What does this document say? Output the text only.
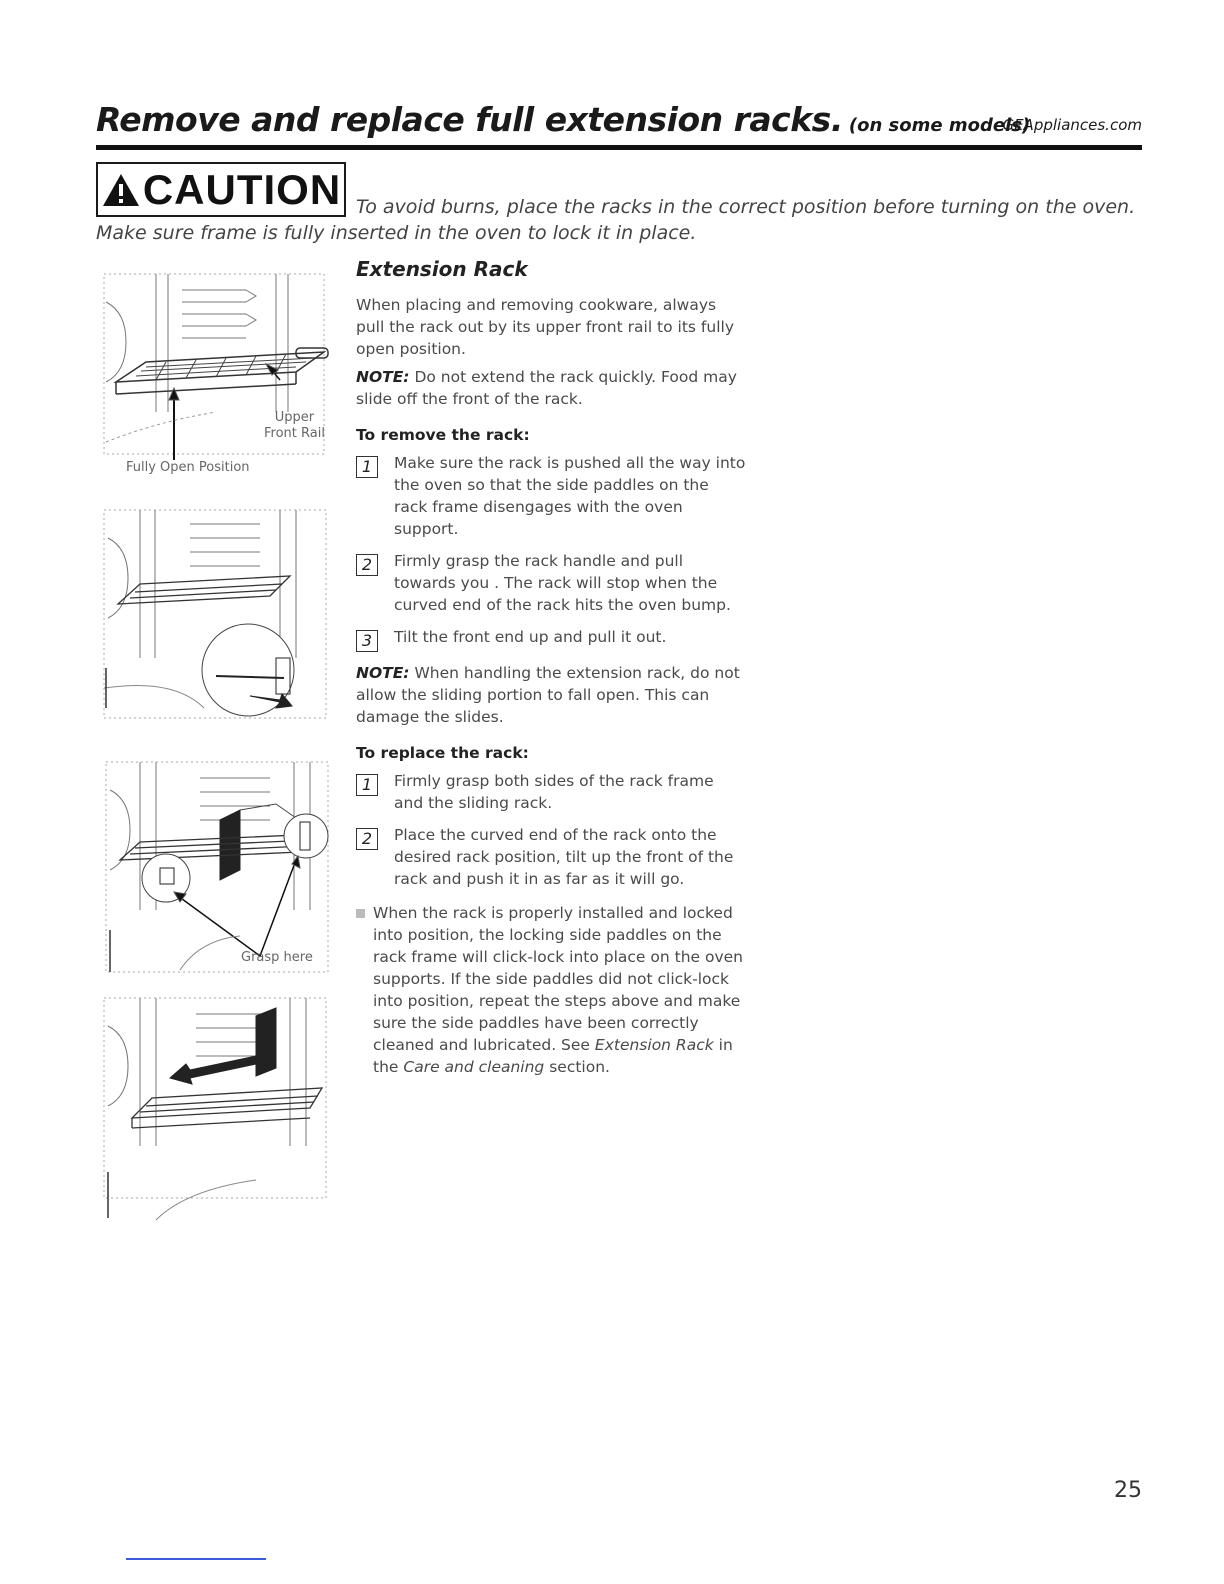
Remove and replace full extension racks. (on some models)
GEAppliances.com
CAUTION To avoid burns, place the racks in the correct position before turning on the oven.
Make sure frame is fully inserted in the oven to lock it in place.
Upper
Front Rail
Fully Open Position
Grasp here
Extension Rack
When placing and removing cookware, always pull the rack out by its upper front rail to its fully open position.
NOTE: Do not extend the rack quickly. Food may slide off the front of the rack.
To remove the rack:
1	Make sure the rack is pushed all the way into the oven so that the side paddles on the rack frame disengages with the oven support.
2	Firmly grasp the rack handle and pull towards you . The rack will stop when the curved end of the rack hits the oven bump.
3	Tilt the front end up and pull it out.
NOTE: When handling the extension rack, do not allow the sliding portion to fall open. This can damage the slides.
To replace the rack:
1	Firmly grasp both sides of the rack frame and the sliding rack.
2	Place the curved end of the rack onto the desired rack position, tilt up the front of the rack and push it in as far as it will go.
When the rack is properly installed and locked into position, the locking side paddles on the rack frame will click-lock into place on the oven supports. If the side paddles did not click-lock into position, repeat the steps above and make sure the side paddles have been correctly cleaned and lubricated. See Extension Rack in the Care and cleaning section.
25
